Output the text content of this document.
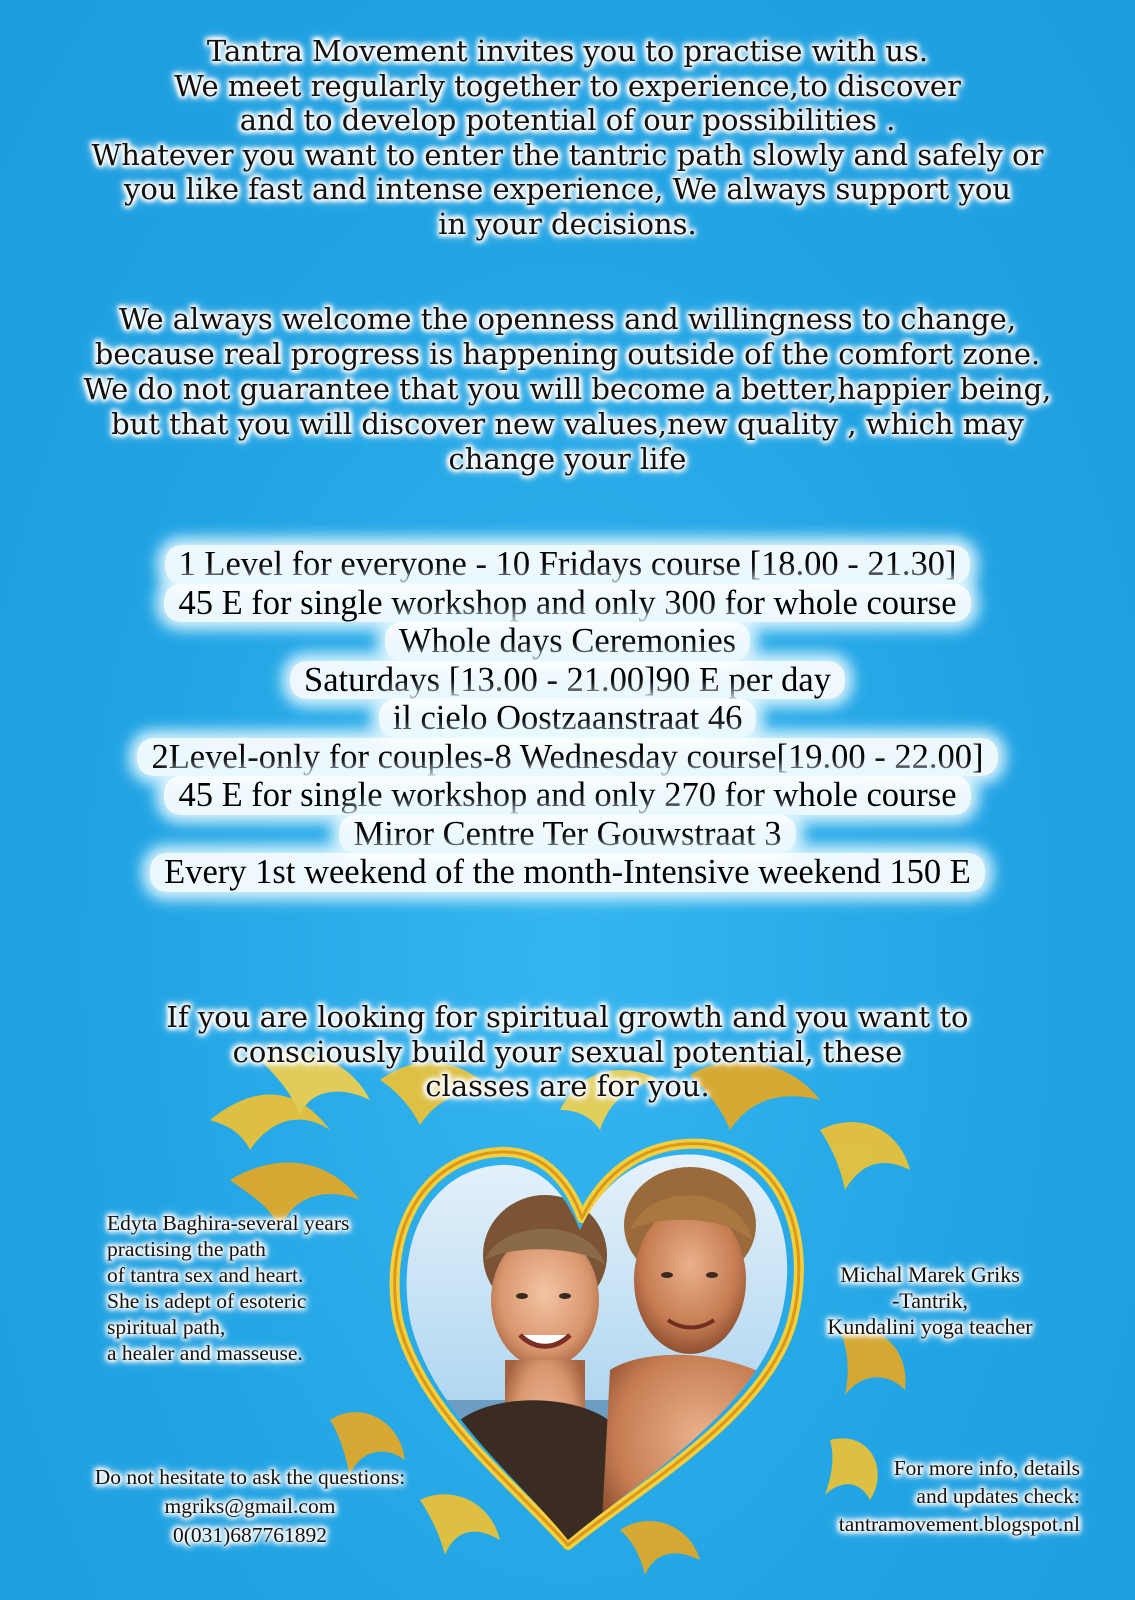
Tantra Movement invites you to practise with us.
We meet regularly together to experience,to discover
and to develop potential of our possibilities .
Whatever you want to enter the tantric path slowly and safely or
you like fast and intense experience, We always support you
in your decisions.
We always welcome the openness and willingness to change,
because real progress is happening outside of the comfort zone.
We do not guarantee that you will become a better,happier being,
but that you will discover new values,new quality , which may
change your life
1 Level for everyone - 10 Fridays course [18.00 - 21.30]
45 E for single workshop and only 300 for whole course
Whole days Ceremonies
Saturdays [13.00 - 21.00]90 E per day
il cielo Oostzaanstraat 46
2Level-only for couples-8 Wednesday course[19.00 - 22.00]
45 E for single workshop and only 270 for whole course
Miror Centre Ter Gouwstraat 3
Every 1st weekend of the month-Intensive weekend 150 E
If you are looking for spiritual growth and you want to
consciously build your sexual potential, these
classes are for you.
Edyta Baghira-several years
practising the path
of tantra sex and heart.
She is adept of esoteric
spiritual path,
a healer and masseuse.
Michal Marek Griks
-Tantrik,
Kundalini yoga teacher
Do not hesitate to ask the questions:
mgriks@gmail.com
0(031)687761892
For more info, details
and updates check:
tantramovement.blogspot.nl
